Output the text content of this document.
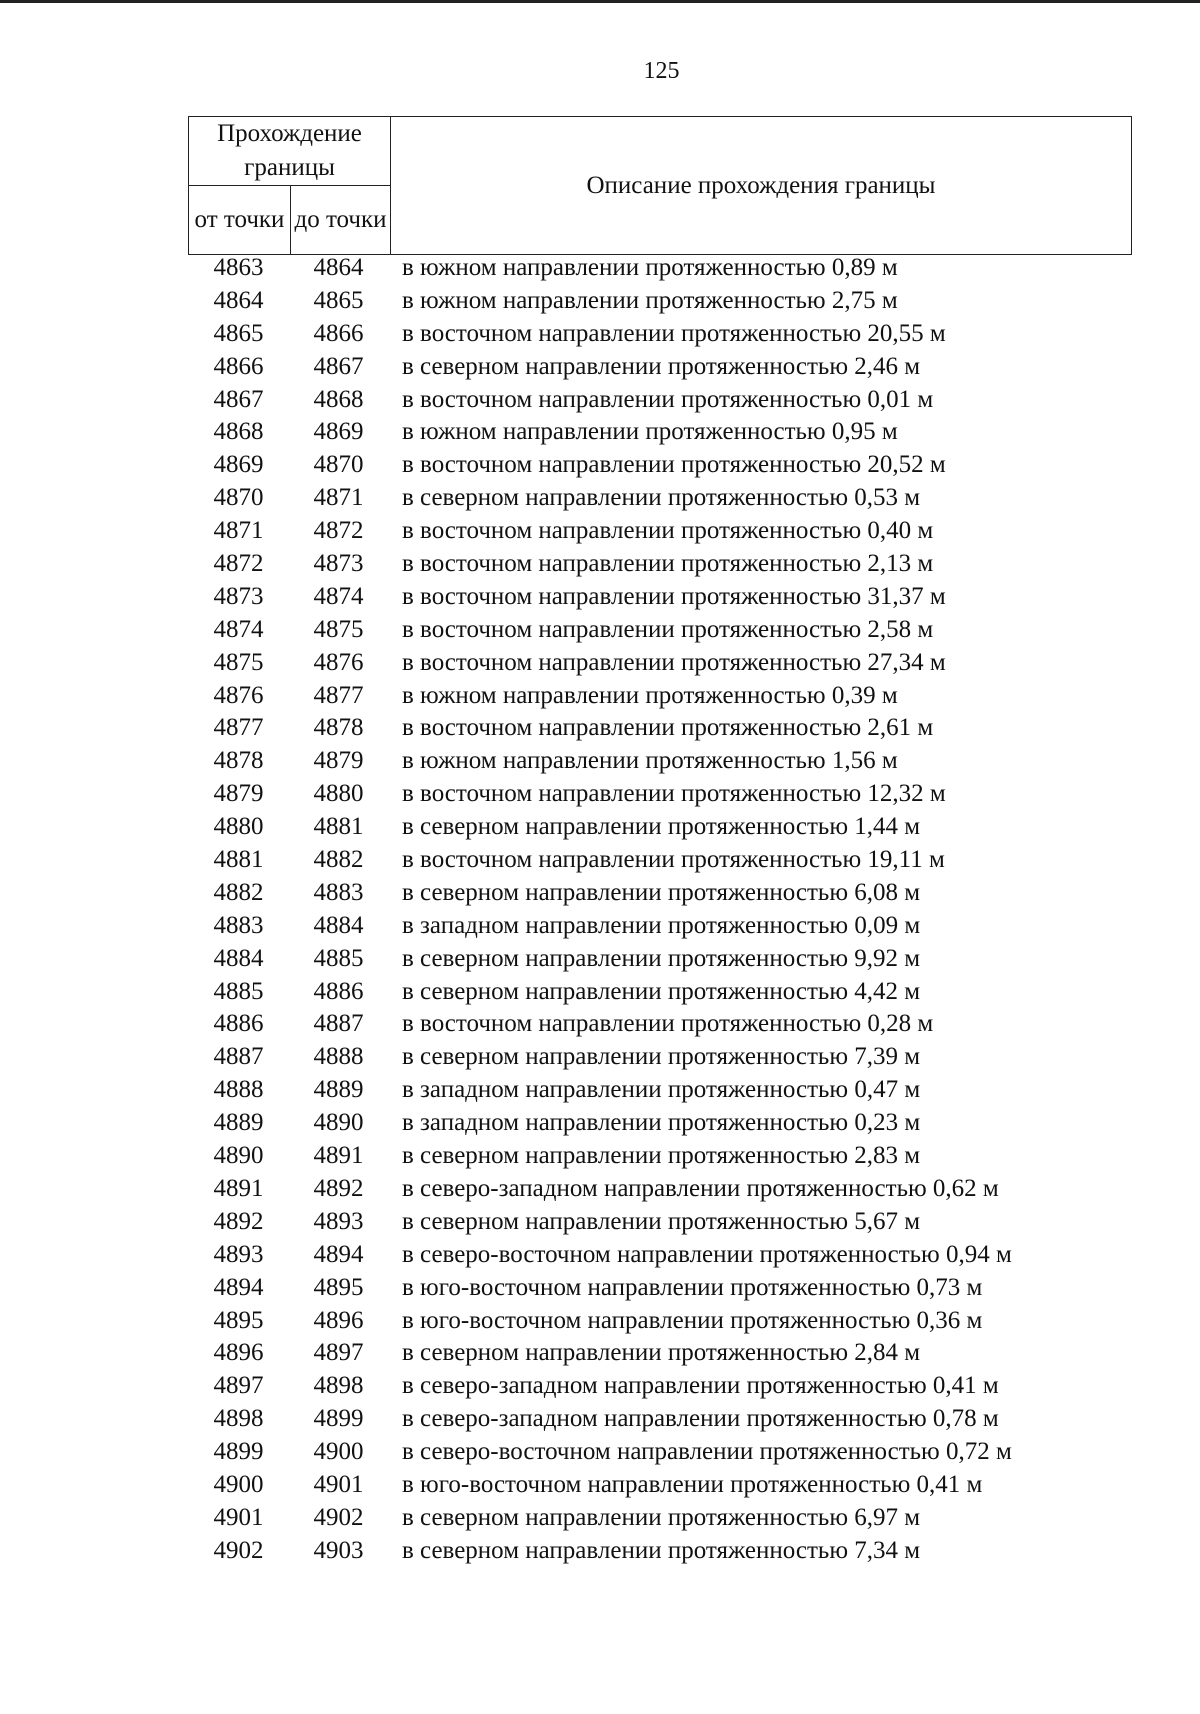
125
Прохождение границы		Описание прохождения границы
от точки	до точки	
4863	4864	в южном направлении протяженностью 0,89 м
4864	4865	в южном направлении протяженностью 2,75 м
4865	4866	в восточном направлении протяженностью 20,55 м
4866	4867	в северном направлении протяженностью 2,46 м
4867	4868	в восточном направлении протяженностью 0,01 м
4868	4869	в южном направлении протяженностью 0,95 м
4869	4870	в восточном направлении протяженностью 20,52 м
4870	4871	в северном направлении протяженностью 0,53 м
4871	4872	в восточном направлении протяженностью 0,40 м
4872	4873	в восточном направлении протяженностью 2,13 м
4873	4874	в восточном направлении протяженностью 31,37 м
4874	4875	в восточном направлении протяженностью 2,58 м
4875	4876	в восточном направлении протяженностью 27,34 м
4876	4877	в южном направлении протяженностью 0,39 м
4877	4878	в восточном направлении протяженностью 2,61 м
4878	4879	в южном направлении протяженностью 1,56 м
4879	4880	в восточном направлении протяженностью 12,32 м
4880	4881	в северном направлении протяженностью 1,44 м
4881	4882	в восточном направлении протяженностью 19,11 м
4882	4883	в северном направлении протяженностью 6,08 м
4883	4884	в западном направлении протяженностью 0,09 м
4884	4885	в северном направлении протяженностью 9,92 м
4885	4886	в северном направлении протяженностью 4,42 м
4886	4887	в восточном направлении протяженностью 0,28 м
4887	4888	в северном направлении протяженностью 7,39 м
4888	4889	в западном направлении протяженностью 0,47 м
4889	4890	в западном направлении протяженностью 0,23 м
4890	4891	в северном направлении протяженностью 2,83 м
4891	4892	в северо-западном направлении протяженностью 0,62 м
4892	4893	в северном направлении протяженностью 5,67 м
4893	4894	в северо-восточном направлении протяженностью 0,94 м
4894	4895	в юго-восточном направлении протяженностью 0,73 м
4895	4896	в юго-восточном направлении протяженностью 0,36 м
4896	4897	в северном направлении протяженностью 2,84 м
4897	4898	в северо-западном направлении протяженностью 0,41 м
4898	4899	в северо-западном направлении протяженностью 0,78 м
4899	4900	в северо-восточном направлении протяженностью 0,72 м
4900	4901	в юго-восточном направлении протяженностью 0,41 м
4901	4902	в северном направлении протяженностью 6,97 м
4902	4903	в северном направлении протяженностью 7,34 м
